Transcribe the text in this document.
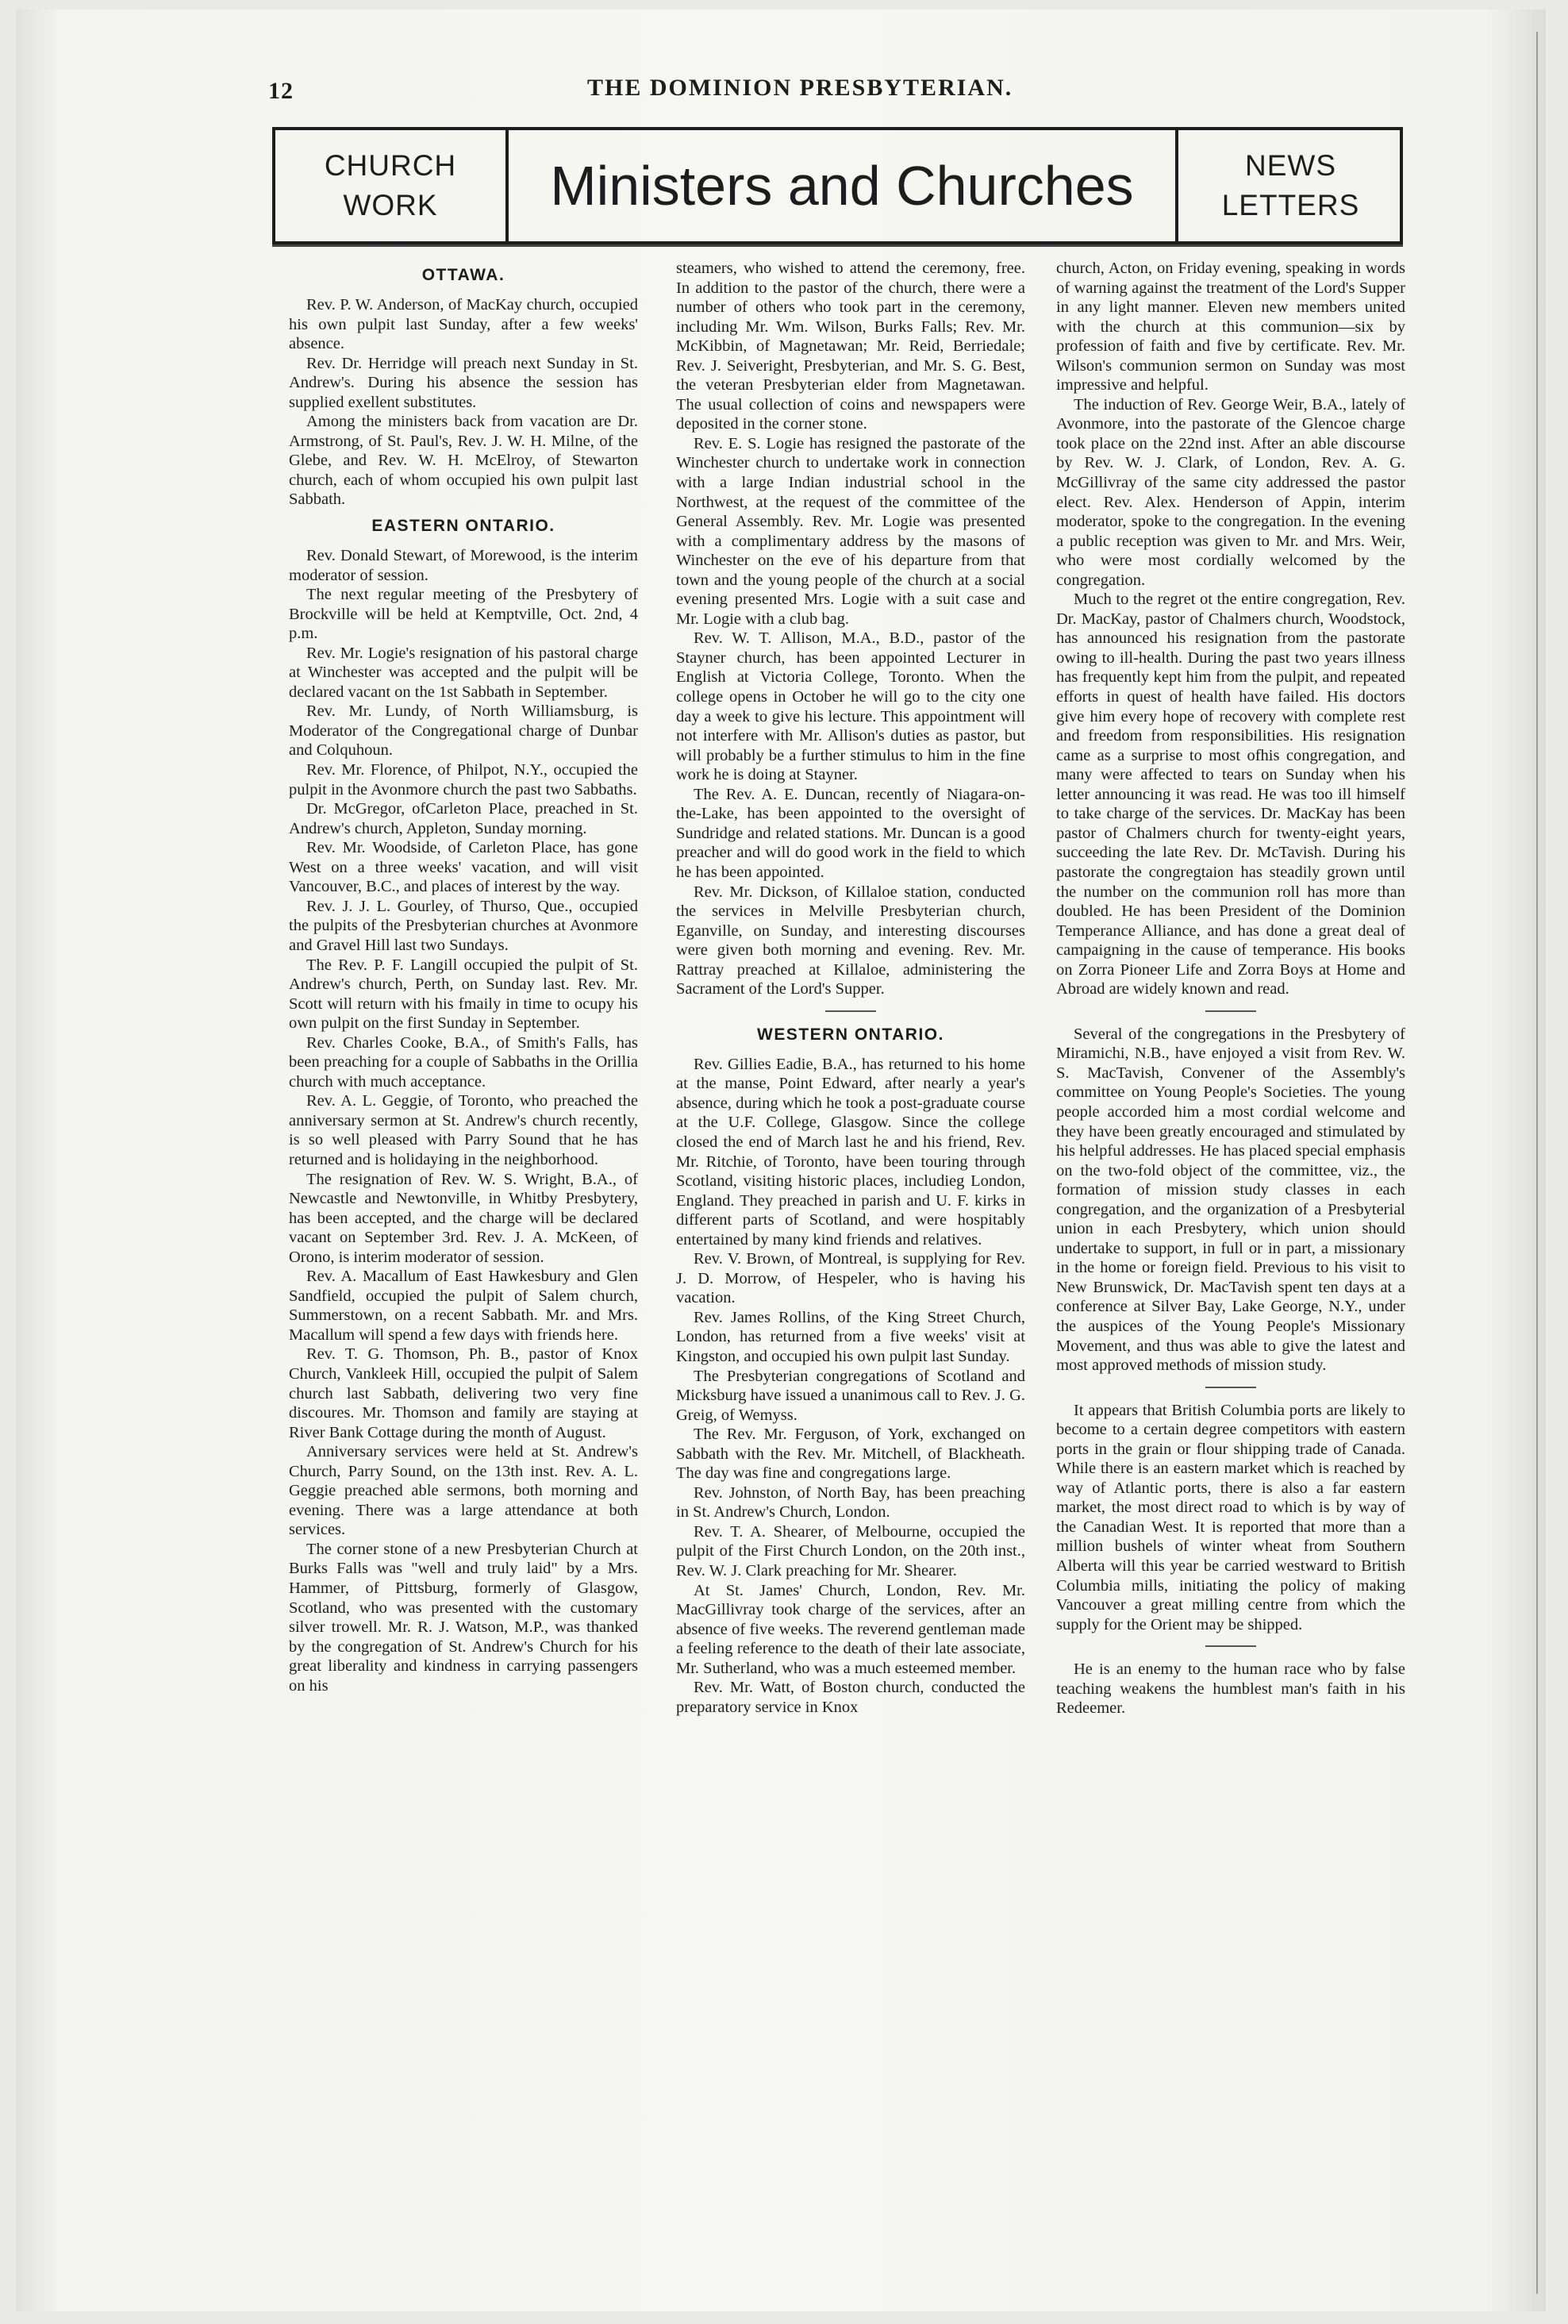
12	THE DOMINION PRESBYTERIAN.
CHURCH
WORK	Ministers and Churches	NEWS
LETTERS
OTTAWA.

Rev. P. W. Anderson, of MacKay church, occupied his own pulpit last Sunday, after a few weeks' absence.

Rev. Dr. Herridge will preach next Sunday in St. Andrew's. During his absence the session has supplied exellent substitutes.

Among the ministers back from vacation are Dr. Armstrong, of St. Paul's, Rev. J. W. H. Milne, of the Glebe, and Rev. W. H. McElroy, of Stewarton church, each of whom occupied his own pulpit last Sabbath.

EASTERN ONTARIO.

Rev. Donald Stewart, of Morewood, is the interim moderator of session.

The next regular meeting of the Presbytery of Brockville will be held at Kemptville, Oct. 2nd, 4 p.m.

Rev. Mr. Logie's resignation of his pastoral charge at Winchester was accepted and the pulpit will be declared vacant on the 1st Sabbath in September.

Rev. Mr. Lundy, of North Williamsburg, is Moderator of the Congregational charge of Dunbar and Colquhoun.

Rev. Mr. Florence, of Philpot, N.Y., occupied the pulpit in the Avonmore church the past two Sabbaths.

Dr. McGregor, ofCarleton Place, preached in St. Andrew's church, Appleton, Sunday morning.

Rev. Mr. Woodside, of Carleton Place, has gone West on a three weeks' vacation, and will visit Vancouver, B.C., and places of interest by the way.

Rev. J. J. L. Gourley, of Thurso, Que., occupied the pulpits of the Presbyterian churches at Avonmore and Gravel Hill last two Sundays.

The Rev. P. F. Langill occupied the pulpit of St. Andrew's church, Perth, on Sunday last. Rev. Mr. Scott will return with his fmaily in time to ocupy his own pulpit on the first Sunday in September.

Rev. Charles Cooke, B.A., of Smith's Falls, has been preaching for a couple of Sabbaths in the Orillia church with much acceptance.

Rev. A. L. Geggie, of Toronto, who preached the anniversary sermon at St. Andrew's church recently, is so well pleased with Parry Sound that he has returned and is holidaying in the neighborhood.

The resignation of Rev. W. S. Wright, B.A., of Newcastle and Newtonville, in Whitby Presbytery, has been accepted, and the charge will be declared vacant on September 3rd. Rev. J. A. McKeen, of Orono, is interim moderator of session.

Rev. A. Macallum of East Hawkesbury and Glen Sandfield, occupied the pulpit of Salem church, Summerstown, on a recent Sabbath. Mr. and Mrs. Macallum will spend a few days with friends here.

Rev. T. G. Thomson, Ph. B., pastor of Knox Church, Vankleek Hill, occupied the pulpit of Salem church last Sabbath, delivering two very fine discoures. Mr. Thomson and family are staying at River Bank Cottage during the month of August.

Anniversary services were held at St. Andrew's Church, Parry Sound, on the 13th inst. Rev. A. L. Geggie preached able sermons, both morning and evening. There was a large attendance at both services.

The corner stone of a new Presbyterian Church at Burks Falls was "well and truly laid" by a Mrs. Hammer, of Pittsburg, formerly of Glasgow, Scotland, who was presented with the customary silver trowell. Mr. R. J. Watson, M.P., was thanked by the congregation of St. Andrew's Church for his great liberality and kindness in carrying passengers on his

steamers, who wished to attend the ceremony, free. In addition to the pastor of the church, there were a number of others who took part in the ceremony, including Mr. Wm. Wilson, Burks Falls; Rev. Mr. McKibbin, of Magnetawan; Mr. Reid, Berriedale; Rev. J. Seiveright, Presbyterian, and Mr. S. G. Best, the veteran Presbyterian elder from Magnetawan. The usual collection of coins and newspapers were deposited in the corner stone.

Rev. E. S. Logie has resigned the pastorate of the Winchester church to undertake work in connection with a large Indian industrial school in the Northwest, at the request of the committee of the General Assembly. Rev. Mr. Logie was presented with a complimentary address by the masons of Winchester on the eve of his departure from that town and the young people of the church at a social evening presented Mrs. Logie with a suit case and Mr. Logie with a club bag.

Rev. W. T. Allison, M.A., B.D., pastor of the Stayner church, has been appointed Lecturer in English at Victoria College, Toronto. When the college opens in October he will go to the city one day a week to give his lecture. This appointment will not interfere with Mr. Allison's duties as pastor, but will probably be a further stimulus to him in the fine work he is doing at Stayner.

The Rev. A. E. Duncan, recently of Niagara-on-the-Lake, has been appointed to the oversight of Sundridge and related stations. Mr. Duncan is a good preacher and will do good work in the field to which he has been appointed.

Rev. Mr. Dickson, of Killaloe station, conducted the services in Melville Presbyterian church, Eganville, on Sunday, and interesting discourses were given both morning and evening. Rev. Mr. Rattray preached at Killaloe, administering the Sacrament of the Lord's Supper.

WESTERN ONTARIO.

Rev. Gillies Eadie, B.A., has returned to his home at the manse, Point Edward, after nearly a year's absence, during which he took a post-graduate course at the U.F. College, Glasgow. Since the college closed the end of March last he and his friend, Rev. Mr. Ritchie, of Toronto, have been touring through Scotland, visiting historic places, includieg London, England. They preached in parish and U. F. kirks in different parts of Scotland, and were hospitably entertained by many kind friends and relatives.

Rev. V. Brown, of Montreal, is supplying for Rev. J. D. Morrow, of Hespeler, who is having his vacation.

Rev. James Rollins, of the King Street Church, London, has returned from a five weeks' visit at Kingston, and occupied his own pulpit last Sunday.

The Presbyterian congregations of Scotland and Micksburg have issued a unanimous call to Rev. J. G. Greig, of Wemyss.

The Rev. Mr. Ferguson, of York, exchanged on Sabbath with the Rev. Mr. Mitchell, of Blackheath. The day was fine and congregations large.

Rev. Johnston, of North Bay, has been preaching in St. Andrew's Church, London.

Rev. T. A. Shearer, of Melbourne, occupied the pulpit of the First Church London, on the 20th inst., Rev. W. J. Clark preaching for Mr. Shearer.

At St. James' Church, London, Rev. Mr. MacGillivray took charge of the services, after an absence of five weeks. The reverend gentleman made a feeling reference to the death of their late associate, Mr. Sutherland, who was a much esteemed member.

Rev. Mr. Watt, of Boston church, conducted the preparatory service in Knox

church, Acton, on Friday evening, speaking in words of warning against the treatment of the Lord's Supper in any light manner. Eleven new members united with the church at this communion—six by profession of faith and five by certificate. Rev. Mr. Wilson's communion sermon on Sunday was most impressive and helpful.

The induction of Rev. George Weir, B.A., lately of Avonmore, into the pastorate of the Glencoe charge took place on the 22nd inst. After an able discourse by Rev. W. J. Clark, of London, Rev. A. G. McGillivray of the same city addressed the pastor elect. Rev. Alex. Henderson of Appin, interim moderator, spoke to the congregation. In the evening a public reception was given to Mr. and Mrs. Weir, who were most cordially welcomed by the congregation.

Much to the regret ot the entire congregation, Rev. Dr. MacKay, pastor of Chalmers church, Woodstock, has announced his resignation from the pastorate owing to ill-health. During the past two years illness has frequently kept him from the pulpit, and repeated efforts in quest of health have failed. His doctors give him every hope of recovery with complete rest and freedom from responsibilities. His resignation came as a surprise to most ofhis congregation, and many were affected to tears on Sunday when his letter announcing it was read. He was too ill himself to take charge of the services. Dr. MacKay has been pastor of Chalmers church for twenty-eight years, succeeding the late Rev. Dr. McTavish. During his pastorate the congregtaion has steadily grown until the number on the communion roll has more than doubled. He has been President of the Dominion Temperance Alliance, and has done a great deal of campaigning in the cause of temperance. His books on Zorra Pioneer Life and Zorra Boys at Home and Abroad are widely known and read.

Several of the congregations in the Presbytery of Miramichi, N.B., have enjoyed a visit from Rev. W. S. MacTavish, Convener of the Assembly's committee on Young People's Societies. The young people accorded him a most cordial welcome and they have been greatly encouraged and stimulated by his helpful addresses. He has placed special emphasis on the two-fold object of the committee, viz., the formation of mission study classes in each congregation, and the organization of a Presbyterial union in each Presbytery, which union should undertake to support, in full or in part, a missionary in the home or foreign field. Previous to his visit to New Brunswick, Dr. MacTavish spent ten days at a conference at Silver Bay, Lake George, N.Y., under the auspices of the Young People's Missionary Movement, and thus was able to give the latest and most approved methods of mission study.

It appears that British Columbia ports are likely to become to a certain degree competitors with eastern ports in the grain or flour shipping trade of Canada. While there is an eastern market which is reached by way of Atlantic ports, there is also a far eastern market, the most direct road to which is by way of the Canadian West. It is reported that more than a million bushels of winter wheat from Southern Alberta will this year be carried westward to British Columbia mills, initiating the policy of making Vancouver a great milling centre from which the supply for the Orient may be shipped.

He is an enemy to the human race who by false teaching weakens the humblest man's faith in his Redeemer.
